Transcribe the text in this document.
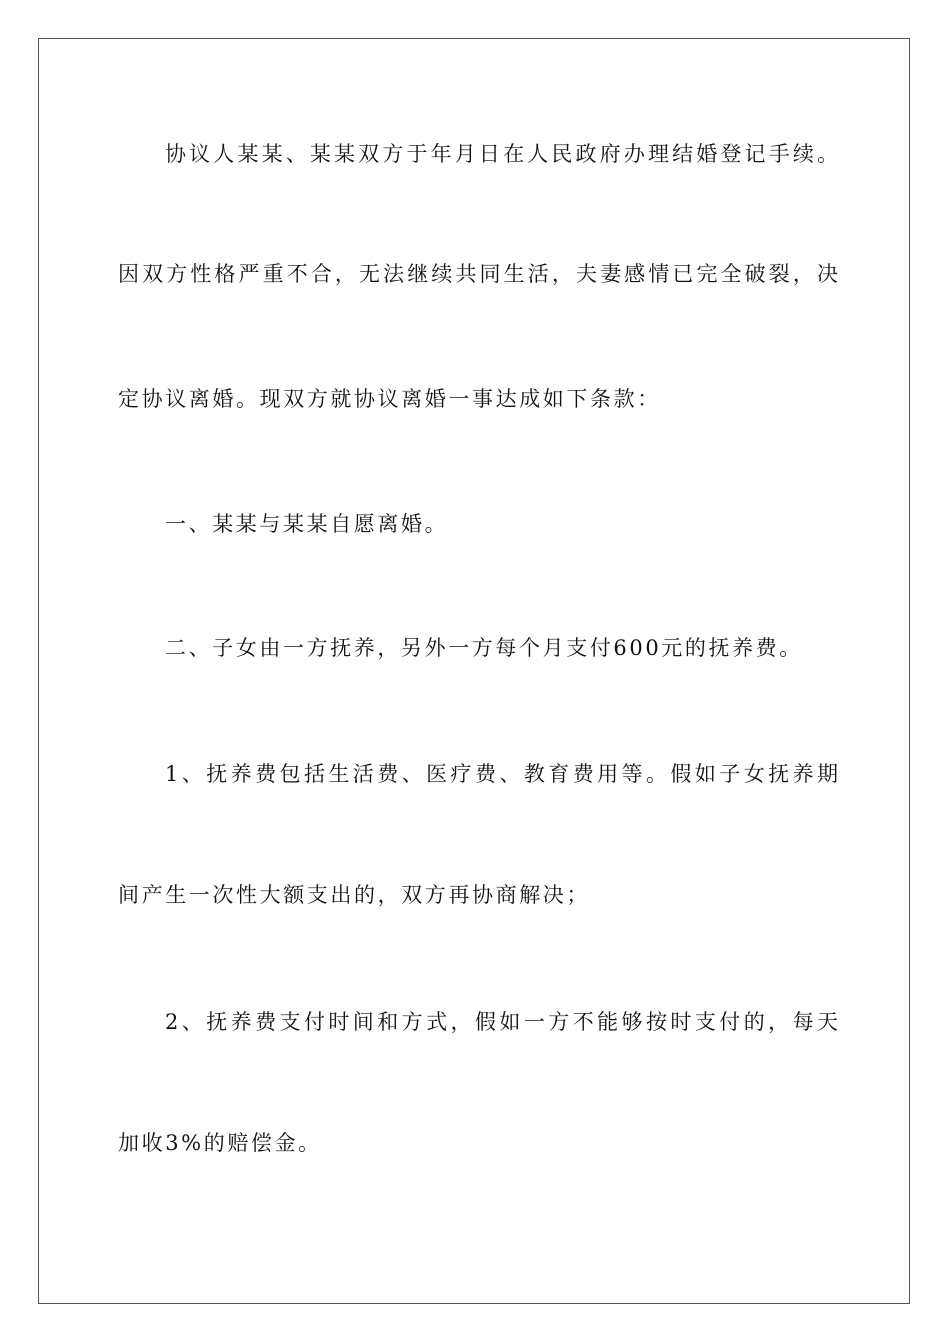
协议人某某、某某双方于年月日在人民政府办理结婚登记手续。
因双方性格严重不合，无法继续共同生活，夫妻感情已完全破裂，决
定协议离婚。现双方就协议离婚一事达成如下条款：
一、某某与某某自愿离婚。
二、子女由一方抚养，另外一方每个月支付600元的抚养费。
1、抚养费包括生活费、医疗费、教育费用等。假如子女抚养期
间产生一次性大额支出的，双方再协商解决；
2、抚养费支付时间和方式，假如一方不能够按时支付的，每天
加收3%的赔偿金。
